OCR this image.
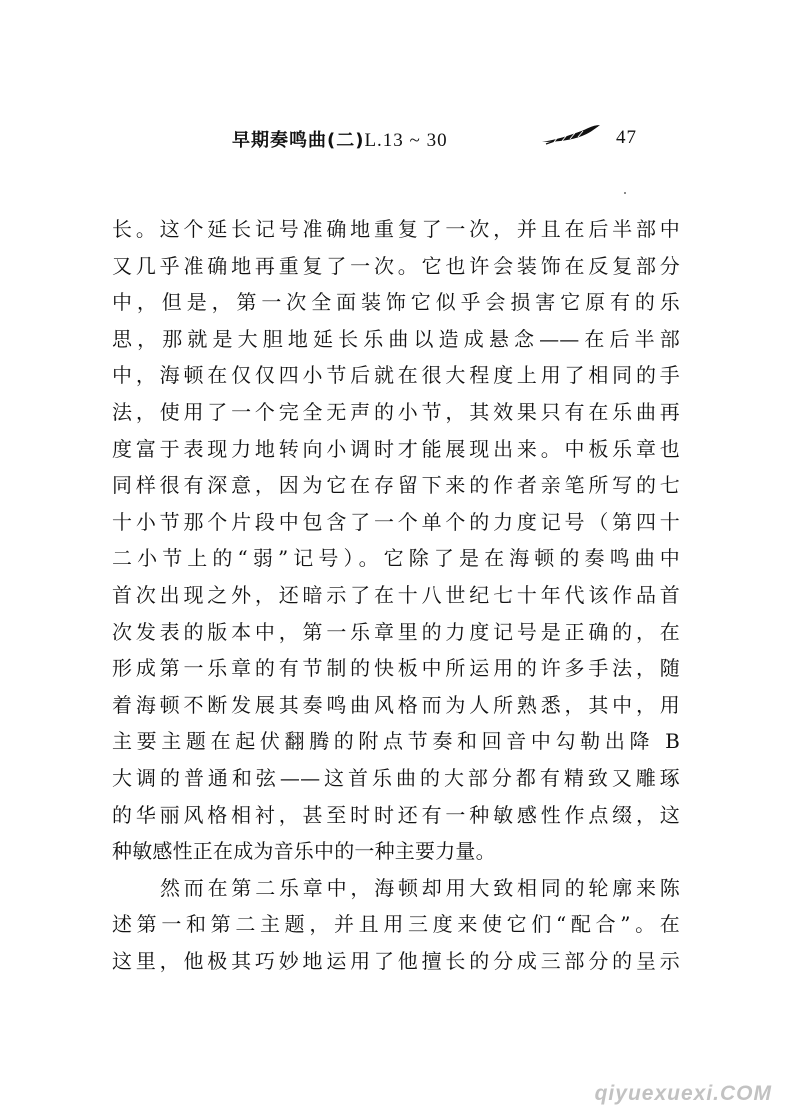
早期奏鸣曲(二)L.13 ~ 30	47
长。这个延长记号准确地重复了一次，并且在后半部中
又几乎准确地再重复了一次。它也许会装饰在反复部分
中，但是，第一次全面装饰它似乎会损害它原有的乐
思，那就是大胆地延长乐曲以造成悬念——在后半部
中，海顿在仅仅四小节后就在很大程度上用了相同的手
法，使用了一个完全无声的小节，其效果只有在乐曲再
度富于表现力地转向小调时才能展现出来。中板乐章也
同样很有深意，因为它在存留下来的作者亲笔所写的七
十小节那个片段中包含了一个单个的力度记号（第四十
二小节上的“弱”记号）。它除了是在海顿的奏鸣曲中
首次出现之外，还暗示了在十八世纪七十年代该作品首
次发表的版本中，第一乐章里的力度记号是正确的，在
形成第一乐章的有节制的快板中所运用的许多手法，随
着海顿不断发展其奏鸣曲风格而为人所熟悉，其中，用
主要主题在起伏翻腾的附点节奏和回音中勾勒出降 B
大调的普通和弦——这首乐曲的大部分都有精致又雕琢
的华丽风格相衬，甚至时时还有一种敏感性作点缀，这
种敏感性正在成为音乐中的一种主要力量。
然而在第二乐章中，海顿却用大致相同的轮廓来陈
述第一和第二主题，并且用三度来使它们“配合”。在
这里，他极其巧妙地运用了他擅长的分成三部分的呈示
qiyuexuexi.COM
